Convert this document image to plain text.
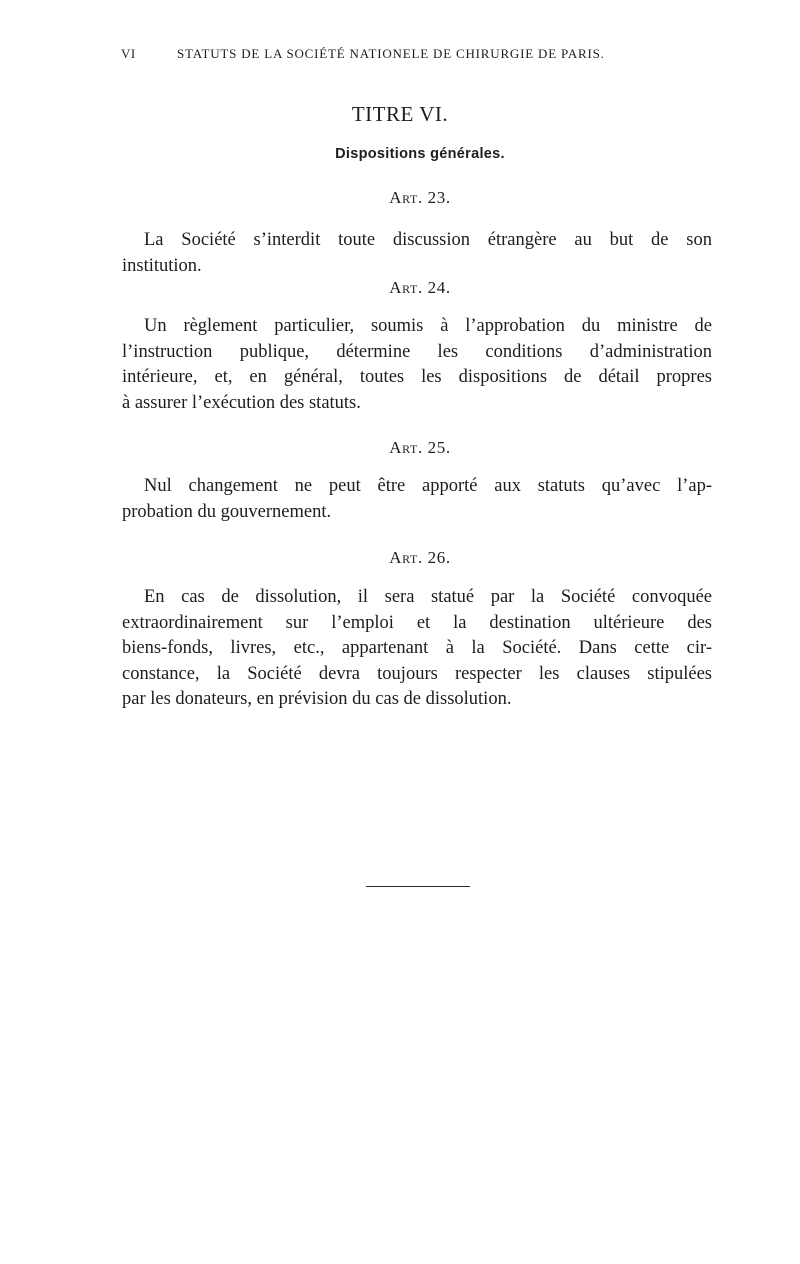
VI	STATUTS DE LA SOCIÉTÉ NATIONELE DE CHIRURGIE DE PARIS.
TITRE VI.
Dispositions générales.
Art. 23.
La Société s’interdit toute discussion étrangère au but de son
institution.
Art. 24.
Un règlement particulier, soumis à l’approbation du ministre de
l’instruction publique, détermine les conditions d’administration
intérieure, et, en général, toutes les dispositions de détail propres
à assurer l’exécution des statuts.
Art. 25.
Nul changement ne peut être apporté aux statuts qu’avec l’ap-
probation du gouvernement.
Art. 26.
En cas de dissolution, il sera statué par la Société convoquée
extraordinairement sur l’emploi et la destination ultérieure des
biens-fonds, livres, etc., appartenant à la Société. Dans cette cir-
constance, la Société devra toujours respecter les clauses stipulées
par les donateurs, en prévision du cas de dissolution.
